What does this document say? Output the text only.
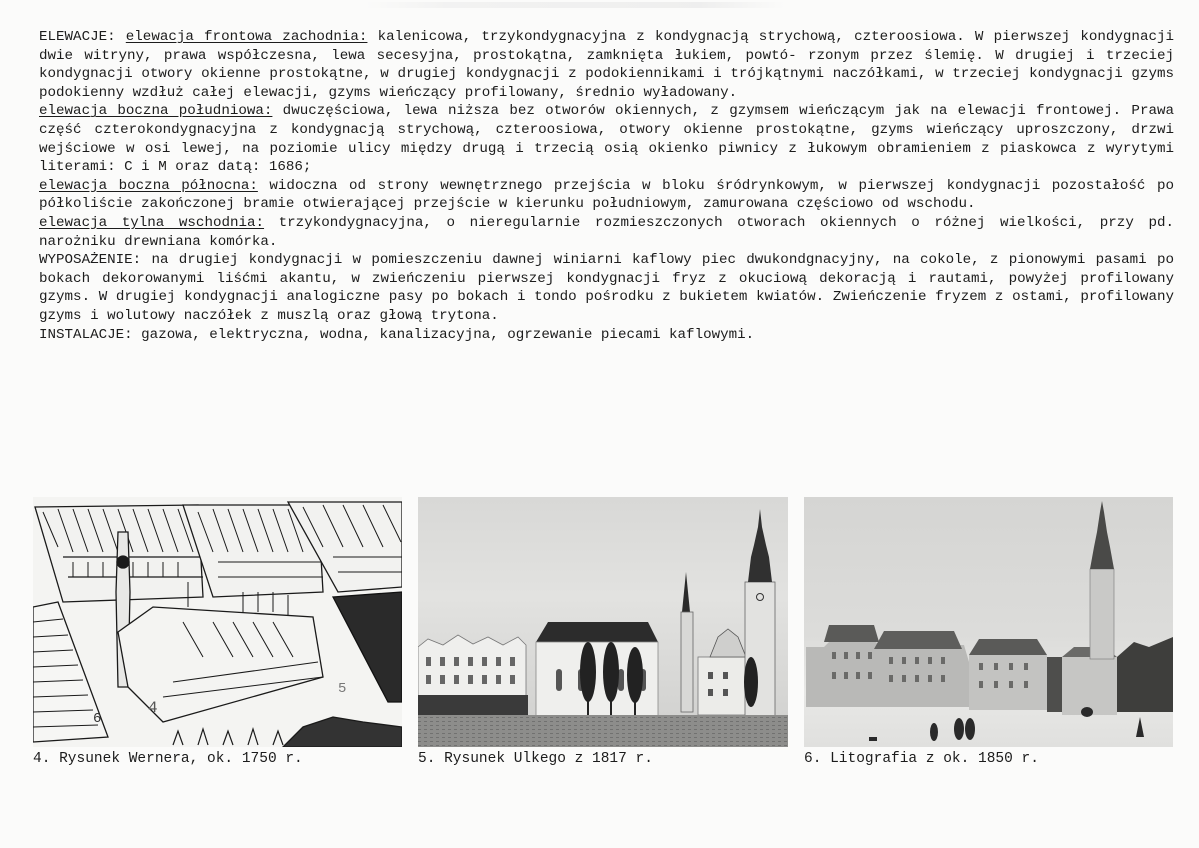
ELEWACJE: elewacja frontowa zachodnia: kalenicowa, trzykondygnacyjna z kondygnacją strychową, czteroosiowa. W pierwszej kondygnacji dwie witryny, prawa współczesna, lewa secesyjna, prostokątna, zamknięta łukiem, powtó- rzonym przez ślemię. W drugiej i trzeciej kondygnacji otwory okienne prostokątne, w drugiej kondygnacji z podokiennikami i trójkątnymi naczółkami, w trzeciej kondygnacji gzyms podokienny wzdłuż całej elewacji, gzyms wieńczący profilowany, średnio wyładowany.

elewacja boczna południowa: dwuczęściowa, lewa niższa bez otworów okiennych, z gzymsem wieńczącym jak na elewacji frontowej. Prawa część czterokondygnacyjna z kondygnacją strychową, czteroosiowa, otwory okienne prostokątne, gzyms wieńczący uproszczony, drzwi wejściowe w osi lewej, na poziomie ulicy między drugą i trzecią osią okienko piwnicy z łukowym obramieniem z piaskowca z wyrytymi literami: C i M oraz datą: 1686;

elewacja boczna północna: widoczna od strony wewnętrznego przejścia w bloku śródrynkowym, w pierwszej kondygnacji pozostałość po półkoliście zakończonej bramie otwierającej przejście w kierunku południowym, zamurowana częściowo od wschodu.

elewacja tylna wschodnia: trzykondygnacyjna, o nieregularnie rozmieszczonych otworach okiennych o różnej wielkości, przy pd. narożniku drewniana komórka.

WYPOSAŻENIE: na drugiej kondygnacji w pomieszczeniu dawnej winiarni kaflowy piec dwukondgnacyjny, na cokole, z pionowymi pasami po bokach dekorowanymi liśćmi akantu, w zwieńczeniu pierwszej kondygnacji fryz z okuciową dekoracją i rautami, powyżej profilowany gzyms. W drugiej kondygnacji analogiczne pasy po bokach i tondo pośrodku z bukietem kwiatów. Zwieńczenie fryzem z ostami, profilowany gzyms i wolutowy naczółek z muszlą oraz głową trytona.

INSTALACJE: gazowa, elektryczna, wodna, kanalizacyjna, ogrzewanie piecami kaflowymi.

6
4
5
4. Rysunek Wernera, ok. 1750 r.	5. Rysunek Ulkego z 1817 r.	6. Litografia z ok. 1850 r.
